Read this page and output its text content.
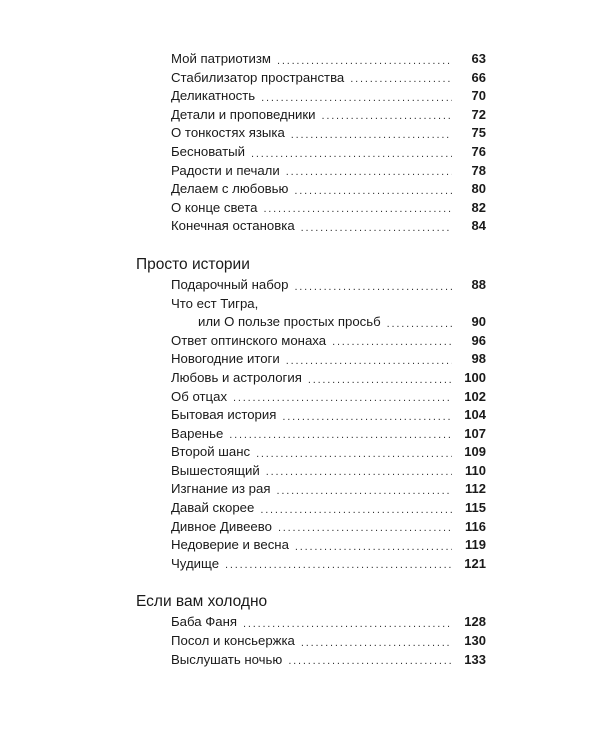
Мой патриотизм .....	63
Стабилизатор пространства .....	66
Деликатность .....	70
Детали и проповедники .....	72
О тонкостях языка .....	75
Бесноватый .....	76
Радости и печали .....	78
Делаем с любовью .....	80
О конце света .....	82
Конечная остановка .....	84
Просто истории
Подарочный набор .....	88
Что ест Тигра,
или О пользе простых просьб .....	90
Ответ оптинского монаха .....	96
Новогодние итоги .....	98
Любовь и астрология .....	100
Об отцах .....	102
Бытовая история .....	104
Варенье .....	107
Второй шанс .....	109
Вышестоящий .....	110
Изгнание из рая .....	112
Давай скорее .....	115
Дивное Дивеево .....	116
Недоверие и весна .....	119
Чудище .....	121
Если вам холодно
Баба Фаня .....	128
Посол и консьержка .....	130
Выслушать ночью .....	133
